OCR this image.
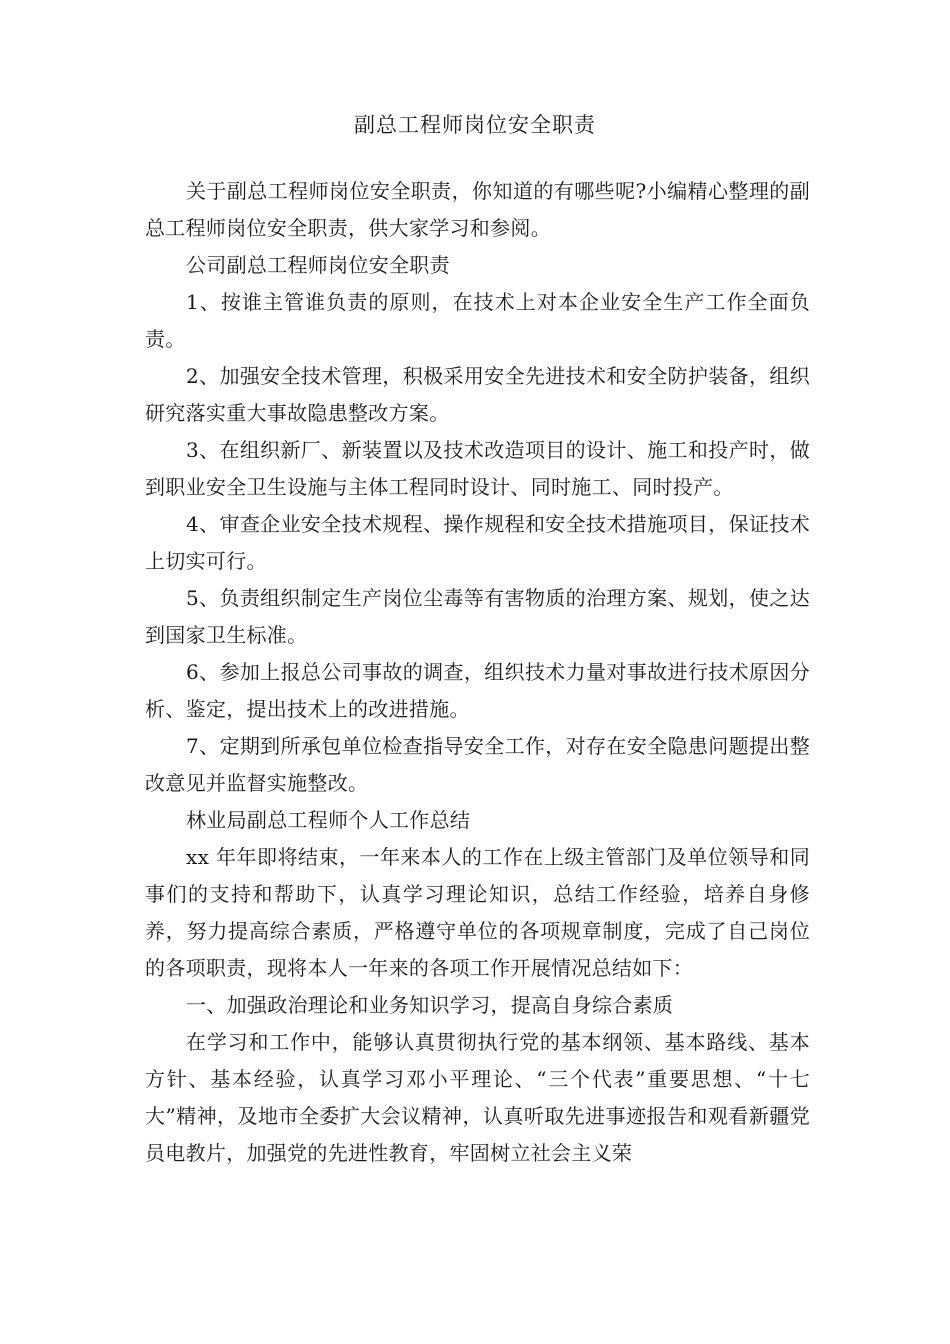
副总工程师岗位安全职责

关于副总工程师岗位安全职责，你知道的有哪些呢?小编精心整理的副总工程师岗位安全职责，供大家学习和参阅。

公司副总工程师岗位安全职责

1、按谁主管谁负责的原则，在技术上对本企业安全生产工作全面负责。

2、加强安全技术管理，积极采用安全先进技术和安全防护装备，组织研究落实重大事故隐患整改方案。

3、在组织新厂、新装置以及技术改造项目的设计、施工和投产时，做到职业安全卫生设施与主体工程同时设计、同时施工、同时投产。

4、审查企业安全技术规程、操作规程和安全技术措施项目，保证技术上切实可行。

5、负责组织制定生产岗位尘毒等有害物质的治理方案、规划，使之达到国家卫生标准。

6、参加上报总公司事故的调查，组织技术力量对事故进行技术原因分析、鉴定，提出技术上的改进措施。

7、定期到所承包单位检查指导安全工作，对存在安全隐患问题提出整改意见并监督实施整改。

林业局副总工程师个人工作总结

xx 年年即将结束，一年来本人的工作在上级主管部门及单位领导和同事们的支持和帮助下，认真学习理论知识，总结工作经验，培养自身修养，努力提高综合素质，严格遵守单位的各项规章制度，完成了自己岗位的各项职责，现将本人一年来的各项工作开展情况总结如下：

一、加强政治理论和业务知识学习，提高自身综合素质

在学习和工作中，能够认真贯彻执行党的基本纲领、基本路线、基本方针、基本经验，认真学习邓小平理论、“三个代表”重要思想、“十七大”精神，及地市全委扩大会议精神，认真听取先进事迹报告和观看新疆党员电教片，加强党的先进性教育，牢固树立社会主义荣
